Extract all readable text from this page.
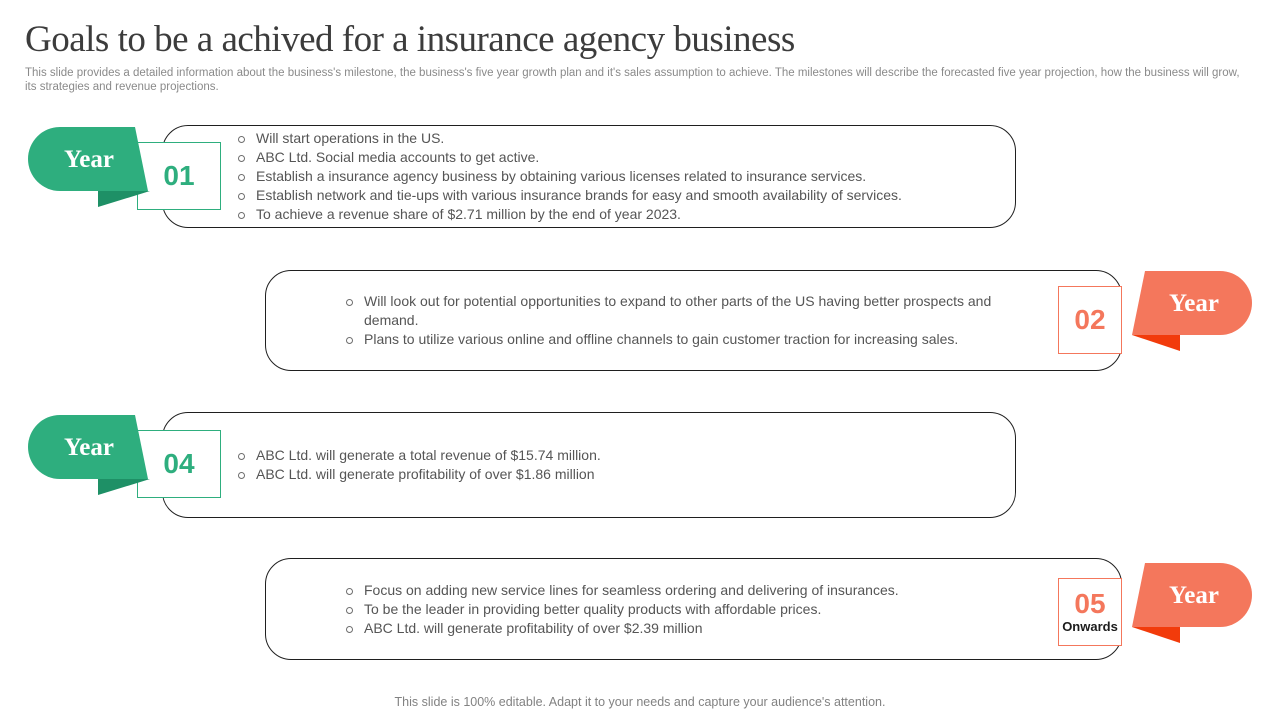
Goals to be a achived for a insurance agency business
This slide provides a detailed information about the business's milestone, the business's five year growth plan and it's sales assumption to achieve. The milestones will describe the forecasted five year projection, how the business will grow, its strategies and revenue projections.
Will start operations in the US.
ABC Ltd. Social media accounts to get active.
Establish a insurance agency business by obtaining various licenses related to insurance services.
Establish network and tie-ups with various insurance brands for easy and smooth availability of services.
To achieve a revenue share of $2.71 million by the end of year 2023.
01
Year
Will look out for potential opportunities to expand to other parts of the US having better prospects and demand.
Plans to utilize various online and offline channels to gain customer traction for increasing sales.
02
Year
ABC Ltd. will generate a total revenue of $15.74 million.
ABC Ltd. will generate profitability of over $1.86 million
04
Year
Focus on adding new service lines for seamless ordering and delivering of insurances.
To be the leader in providing better quality products with affordable prices.
ABC Ltd. will generate profitability of over $2.39 million
05
Onwards
Year
This slide is 100% editable. Adapt it to your needs and capture your audience's attention.
